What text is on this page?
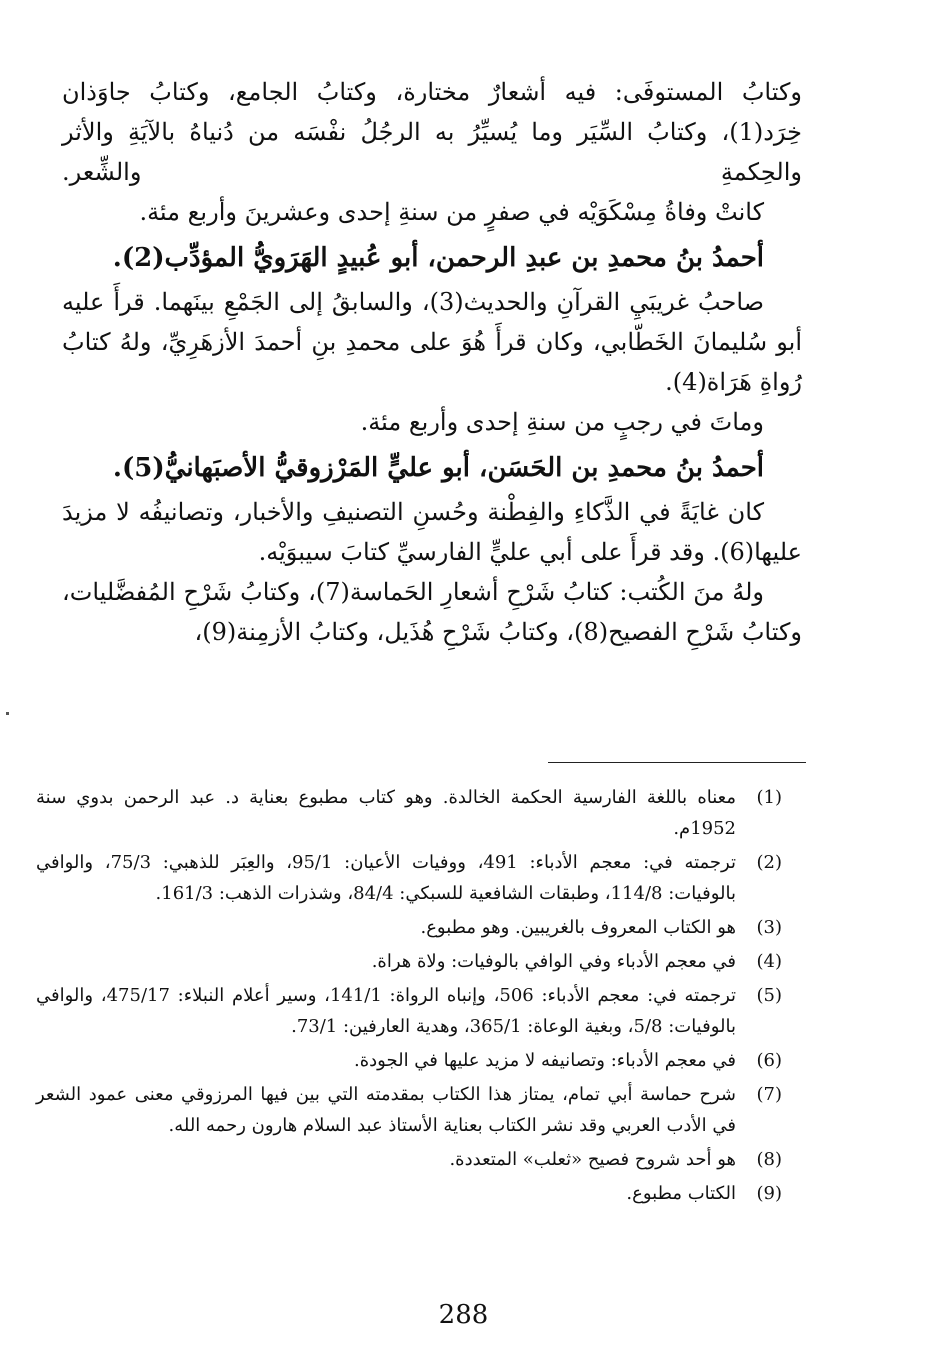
وكتابُ المستوفَى: فيه أشعارٌ مختارة، وكتابُ الجامع، وكتابُ جاوَذان خِرَد(1)، وكتابُ السِّيَر وما يُسيِّرُ به الرجُلُ نفْسَه من دُنياهُ بالآيَةِ والأثر والحِكمةِ والشِّعر.

كانتْ وفاةُ مِسْكَوَيْه في صفرٍ من سنةِ إحدى وعشرينَ وأربع مئة.

أحمدُ بنُ محمدِ بن عبدِ الرحمن، أبو عُبيدٍ الهَرَويُّ المؤدِّب(2).

صاحبُ غريبَيِ القرآنِ والحديث(3)، والسابقُ إلى الجَمْعِ بينَهما. قرأَ عليه أبو سُليمانَ الخَطّابي، وكان قرأَ هُوَ على محمدِ بنِ أحمدَ الأزهَرِيِّ، ولهُ كتابُ رُواةِ هَرَاة(4).

وماتَ في رجبٍ من سنةِ إحدى وأربع مئة.

أحمدُ بنُ محمدِ بن الحَسَن، أبو عليٍّ المَرْزوقيُّ الأصبَهانيُّ(5).

كان غايَةً في الذَّكاءِ والفِطْنة وحُسنِ التصنيفِ والأخبار، وتصانيفُه لا مزيدَ عليها(6). وقد قرأَ على أبي عليٍّ الفارسيِّ كتابَ سيبوَيْه.

ولهُ منَ الكُتب: كتابُ شَرْحِ أشعارِ الحَماسة(7)، وكتابُ شَرْحِ المُفضَّليات، وكتابُ شَرْحِ الفصيح(8)، وكتابُ شَرْحِ هُذَيل، وكتابُ الأزمِنة(9)،

(1)
معناه باللغة الفارسية الحكمة الخالدة. وهو كتاب مطبوع بعناية د. عبد الرحمن بدوي سنة 1952م.
(2)
ترجمته في: معجم الأدباء: 491، ووفيات الأعيان: 95/1، والعِبَر للذهبي: 75/3، والوافي بالوفيات: 114/8، وطبقات الشافعية للسبكي: 84/4، وشذرات الذهب: 161/3.
(3)
هو الكتاب المعروف بالغريبين. وهو مطبوع.
(4)
في معجم الأدباء وفي الوافي بالوفيات: ولاة هراة.
(5)
ترجمته في: معجم الأدباء: 506، وإنباه الرواة: 141/1، وسير أعلام النبلاء: 475/17، والوافي بالوفيات: 5/8، وبغية الوعاة: 365/1، وهدية العارفين: 73/1.
(6)
في معجم الأدباء: وتصانيفه لا مزيد عليها في الجودة.
(7)
شرح حماسة أبي تمام، يمتاز هذا الكتاب بمقدمته التي بين فيها المرزوقي معنى عمود الشعر في الأدب العربي وقد نشر الكتاب بعناية الأستاذ عبد السلام هارون رحمه الله.
(8)
هو أحد شروح فصيح «ثعلب» المتعددة.
(9)
الكتاب مطبوع.
288
